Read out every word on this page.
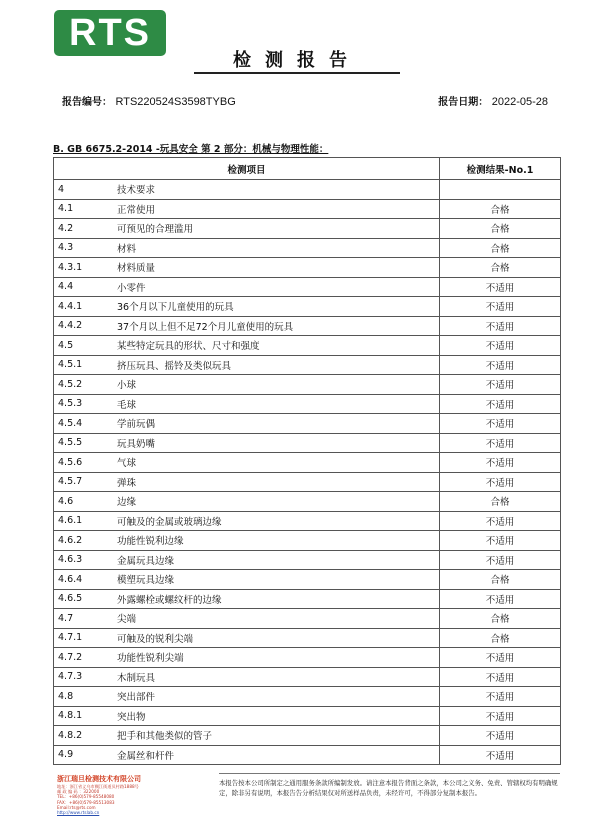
RTS
检测报告
报告编号： RTS220524S3598TYBG	报告日期： 2022-05-28
B. GB 6675.2-2014 -玩具安全 第 2 部分：机械与物理性能：
检测项目	检测结果-No.1

4 技术要求	

4.1 正常使用	合格

4.2 可预见的合理滥用	合格

4.3 材料	合格

4.3.1 材料质量	合格

4.4 小零件	不适用

4.4.1 36个月以下儿童使用的玩具	不适用

4.4.2 37个月以上但不足72个月儿童使用的玩具	不适用

4.5 某些特定玩具的形状、尺寸和强度	不适用

4.5.1 挤压玩具、摇铃及类似玩具	不适用

4.5.2 小球	不适用

4.5.3 毛球	不适用

4.5.4 学前玩偶	不适用

4.5.5 玩具奶嘴	不适用

4.5.6 气球	不适用

4.5.7 弹珠	不适用

4.6 边缘	合格

4.6.1 可触及的金属或玻璃边缘	不适用

4.6.2 功能性锐利边缘	不适用

4.6.3 金属玩具边缘	不适用

4.6.4 模塑玩具边缘	合格

4.6.5 外露螺栓或螺纹杆的边缘	不适用

4.7 尖端	合格

4.7.1 可触及的锐利尖端	合格

4.7.2 功能性锐利尖端	不适用

4.7.3 木制玩具	不适用

4.8 突出部件	不适用

4.8.1 突出物	不适用

4.8.2 把手和其他类似的管子	不适用

4.9 金属丝和杆件	不适用
浙江瑞旦检测技术有限公司
地址：浙江省义乌市稠江街道贝村路1888号
邮 政 编 码 ：322000
TEL：+86(0)579-85548080
FAX：+86(0)579-85513083
Email:rts@rts.com
http://www.rtslab.cn
本报告按本公司所制定之通用服务条款所编制发放。请注意本报告背面之条款，本公司之义务、免责、管辖权均有明确规定，除非另有说明，本报告告分析结果仅对所送样品负责，未经许可，不得部分复制本报告。
